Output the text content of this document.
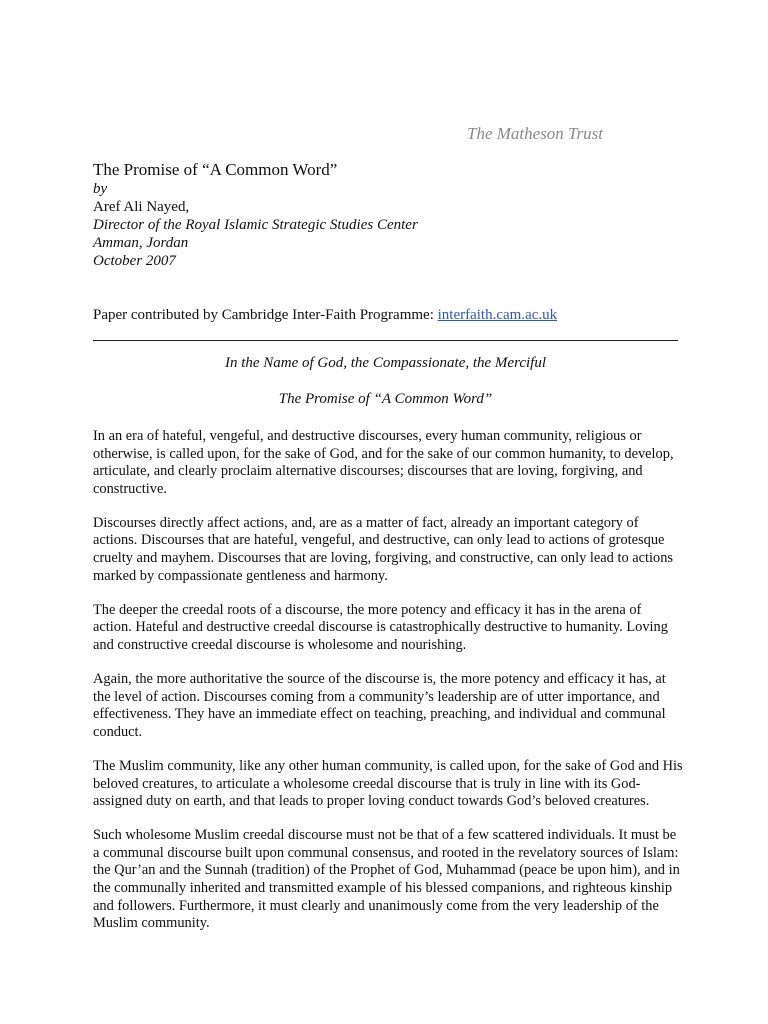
The Matheson Trust

The Promise of “A Common Word”

by

Aref Ali Nayed,

Director of the Royal Islamic Strategic Studies Center

Amman, Jordan

October 2007

Paper contributed by Cambridge Inter-Faith Programme: interfaith.cam.ac.uk
In the Name of God, the Compassionate, the Merciful
The Promise of “A Common Word”

In an era of hateful, vengeful, and destructive discourses, every human community, religious or otherwise, is called upon, for the sake of God, and for the sake of our common humanity, to develop, articulate, and clearly proclaim alternative discourses; discourses that are loving, forgiving, and constructive.

Discourses directly affect actions, and, are as a matter of fact, already an important category of actions. Discourses that are hateful, vengeful, and destructive, can only lead to actions of grotesque cruelty and mayhem. Discourses that are loving, forgiving, and constructive, can only lead to actions marked by compassionate gentleness and harmony.

The deeper the creedal roots of a discourse, the more potency and efficacy it has in the arena of action. Hateful and destructive creedal discourse is catastrophically destructive to humanity. Loving and constructive creedal discourse is wholesome and nourishing.

Again, the more authoritative the source of the discourse is, the more potency and efficacy it has, at the level of action. Discourses coming from a community’s leadership are of utter importance, and effectiveness. They have an immediate effect on teaching, preaching, and individual and communal conduct.

The Muslim community, like any other human community, is called upon, for the sake of God and His beloved creatures, to articulate a wholesome creedal discourse that is truly in line with its God-assigned duty on earth, and that leads to proper loving conduct towards God’s beloved creatures.

Such wholesome Muslim creedal discourse must not be that of a few scattered individuals. It must be a communal discourse built upon communal consensus, and rooted in the revelatory sources of Islam: the Qur’an and the Sunnah (tradition) of the Prophet of God, Muhammad (peace be upon him), and in the communally inherited and transmitted example of his blessed companions, and righteous kinship and followers. Furthermore, it must clearly and unanimously come from the very leadership of the Muslim community.
